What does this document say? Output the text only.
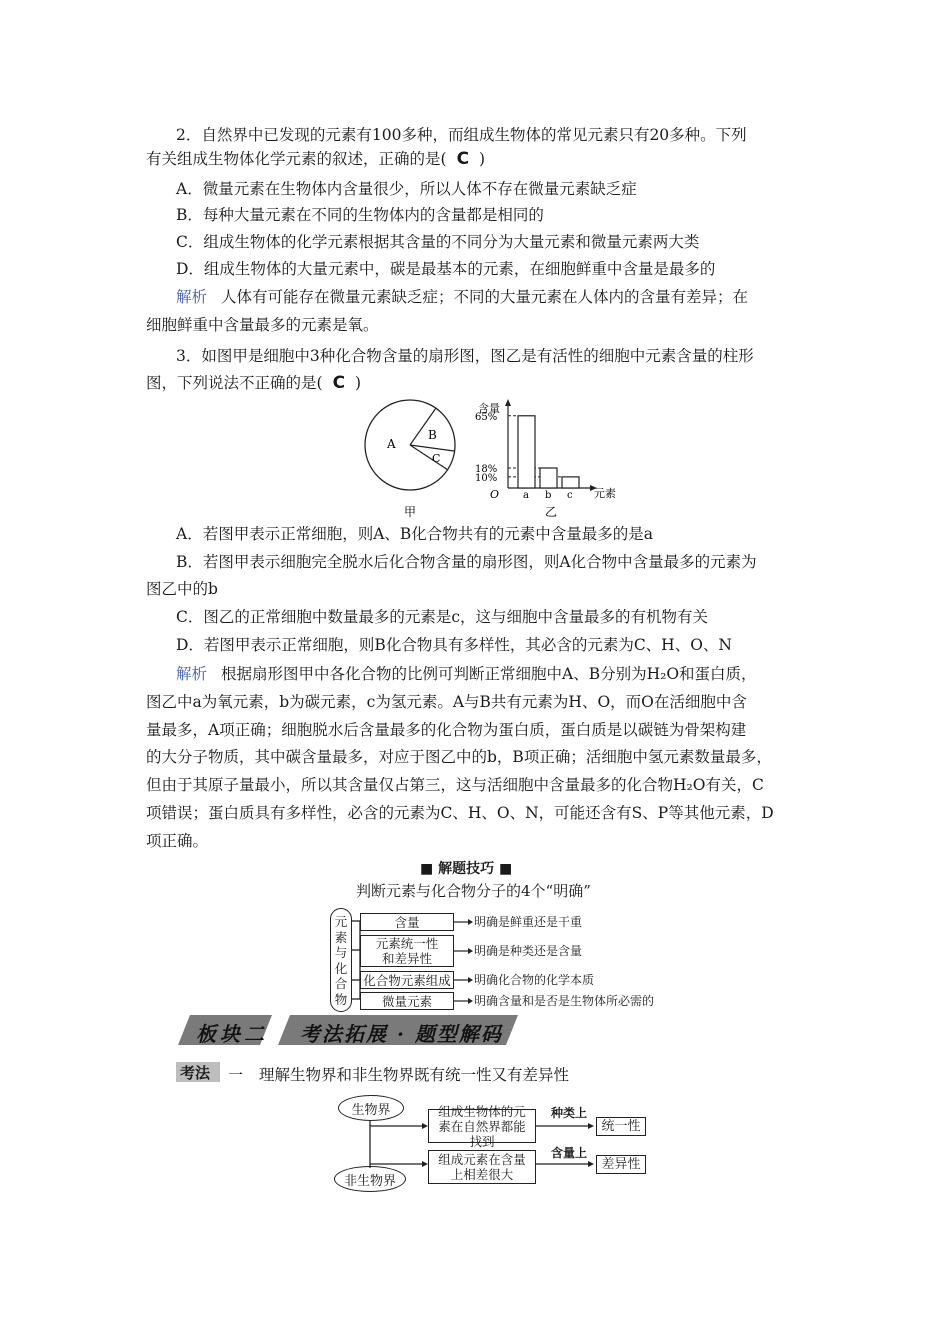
2．自然界中已发现的元素有100多种，而组成生物体的常见元素只有20多种。下列
有关组成生物体化学元素的叙述，正确的是( C )
A．微量元素在生物体内含量很少，所以人体不存在微量元素缺乏症
B．每种大量元素在不同的生物体内的含量都是相同的
C．组成生物体的化学元素根据其含量的不同分为大量元素和微量元素两大类
D．组成生物体的大量元素中，碳是最基本的元素，在细胞鲜重中含量是最多的
解析 人体有可能存在微量元素缺乏症；不同的大量元素在人体内的含量有差异；在
细胞鲜重中含量最多的元素是氧。
3．如图甲是细胞中3种化合物含量的扇形图，图乙是有活性的细胞中元素含量的柱形
图，下列说法不正确的是( C )
A
B
C
甲
65%
a
18%
b
10%
c
含量
元素
O
乙
A．若图甲表示正常细胞，则A、B化合物共有的元素中含量最多的是a
B．若图甲表示细胞完全脱水后化合物含量的扇形图，则A化合物中含量最多的元素为
图乙中的b
C．图乙的正常细胞中数量最多的元素是c，这与细胞中含量最多的有机物有关
D．若图甲表示正常细胞，则B化合物具有多样性，其必含的元素为C、H、O、N
解析 根据扇形图甲中各化合物的比例可判断正常细胞中A、B分别为H₂O和蛋白质，
图乙中a为氧元素，b为碳元素，c为氢元素。A与B共有元素为H、O，而O在活细胞中含
量最多，A项正确；细胞脱水后含量最多的化合物为蛋白质，蛋白质是以碳链为骨架构建
的大分子物质，其中碳含量最多，对应于图乙中的b，B项正确；活细胞中氢元素数量最多，
但由于其原子量最小，所以其含量仅占第三，这与活细胞中含量最多的化合物H₂O有关，C
项错误；蛋白质具有多样性，必含的元素为C、H、O、N，可能还含有S、P等其他元素，D
项正确。
■ 解题技巧 ■
判断元素与化合物分子的4个“明确”
元素与化合物
含量
元素统一性和差异性
化合物元素组成
微量元素
明确是鲜重还是干重
明确是种类还是含量
明确化合物的化学本质
明确含量和是否是生物体所必需的
板块二 考法拓展 · 题型解码
考法 一 理解生物界和非生物界既有统一性又有差异性
生物界
非生物界
组成生物体的元素在自然界都能找到
组成元素在含量上相差很大
种类上
含量上
统一性
差异性
